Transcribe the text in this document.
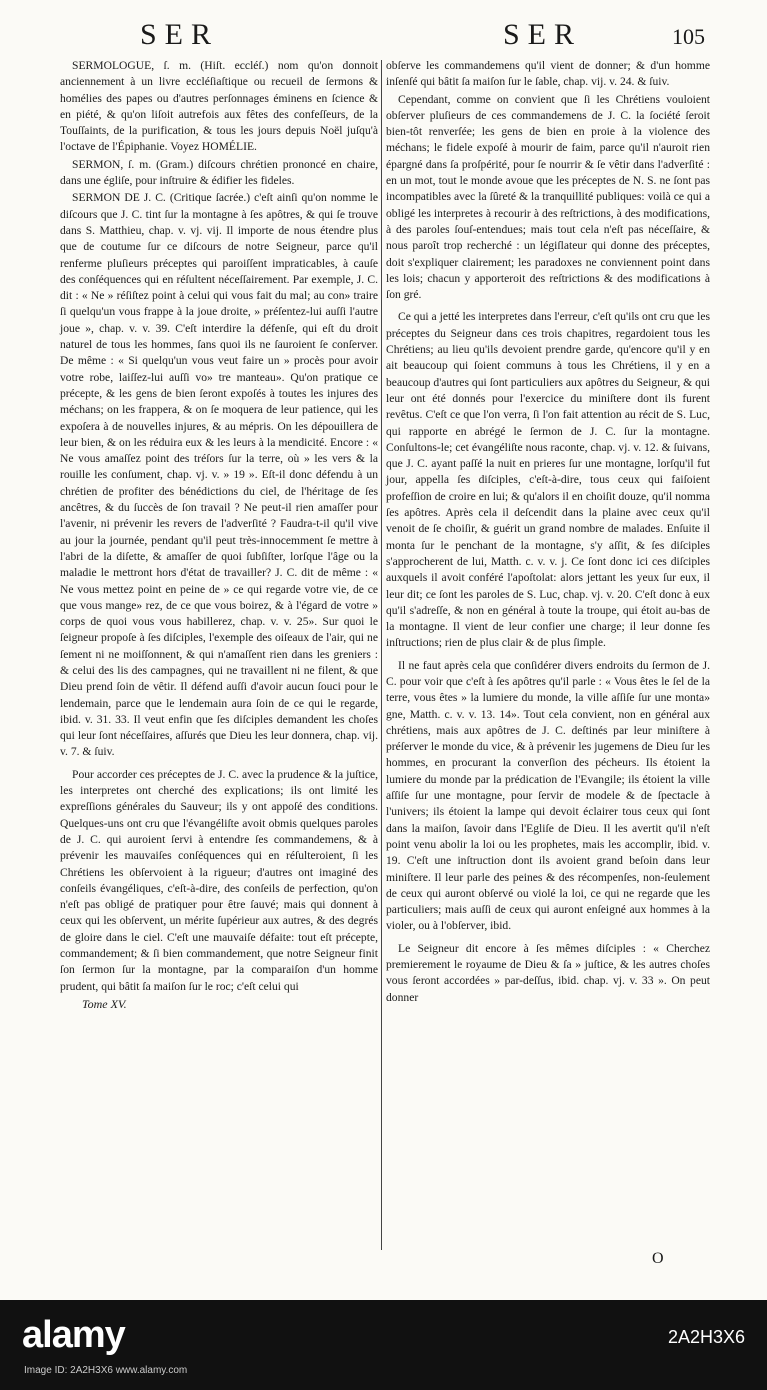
SER	SER	105

SERMOLOGUE, ſ. m. (Hiſt. eccléſ.) nom qu'on donnoit anciennement à un livre eccléſiaſtique ou recueil de ſermons & homélies des papes ou d'autres perſonnages éminens en ſcience & en piété, & qu'on liſoit autrefois aux fêtes des confeſſeurs, de la Touſſaints, de la purification, & tous les jours depuis Noël juſqu'à l'octave de l'Épiphanie. Voyez HOMÉLIE.

SERMON, ſ. m. (Gram.) diſcours chrétien prononcé en chaire, dans une égliſe, pour inſtruire & édifier les fideles.

SERMON DE J. C. (Critique ſacrée.) c'eſt ainſi qu'on nomme le diſcours que J. C. tint ſur la montagne à ſes apôtres, & qui ſe trouve dans S. Matthieu, chap. v. vj. vij. Il importe de nous étendre plus que de coutume ſur ce diſcours de notre Seigneur, parce qu'il renferme pluſieurs préceptes qui paroiſſent impraticables, à cauſe des conſéquences qui en réſultent néceſſairement. Par exemple, J. C. dit : « Ne » réſiſtez point à celui qui vous fait du mal; au con» traire ſi quelqu'un vous frappe à la joue droite, » préſentez-lui auſſi l'autre joue », chap. v. v. 39. C'eſt interdire la défenſe, qui eſt du droit naturel de tous les hommes, ſans quoi ils ne ſauroient ſe conſerver. De même : « Si quelqu'un vous veut faire un » procès pour avoir votre robe, laiſſez-lui auſſi vo» tre manteau». Qu'on pratique ce précepte, & les gens de bien ſeront expoſés à toutes les injures des méchans; on les frappera, & on ſe moquera de leur patience, qui les expoſera à de nouvelles injures, & au mépris. On les dépouillera de leur bien, & on les réduira eux & les leurs à la mendicité. Encore : « Ne vous amaſſez point des tréſors ſur la terre, où » les vers & la rouille les conſument, chap. vj. v. » 19 ». Eſt-il donc défendu à un chrétien de profiter des bénédictions du ciel, de l'héritage de ſes ancêtres, & du ſuccès de ſon travail ? Ne peut-il rien amaſſer pour l'avenir, ni prévenir les revers de l'adverſité ? Faudra-t-il qu'il vive au jour la journée, pendant qu'il peut très-innocemment ſe mettre à l'abri de la diſette, & amaſſer de quoi ſubſiſter, lorſque l'âge ou la maladie le mettront hors d'état de travailler? J. C. dit de même : « Ne vous mettez point en peine de » ce qui regarde votre vie, de ce que vous mange» rez, de ce que vous boirez, & à l'égard de votre » corps de quoi vous vous habillerez, chap. v. v. 25». Sur quoi le ſeigneur propoſe à ſes diſciples, l'exemple des oiſeaux de l'air, qui ne ſement ni ne moiſſonnent, & qui n'amaſſent rien dans les greniers : & celui des lis des campagnes, qui ne travaillent ni ne filent, & que Dieu prend ſoin de vêtir. Il défend auſſi d'avoir aucun ſouci pour le lendemain, parce que le lendemain aura ſoin de ce qui le regarde, ibid. v. 31. 33. Il veut enfin que ſes diſciples demandent les choſes qui leur ſont néceſſaires, aſſurés que Dieu les leur donnera, chap. vij. v. 7. & ſuiv.

Pour accorder ces préceptes de J. C. avec la prudence & la juſtice, les interpretes ont cherché des explications; ils ont limité les expreſſions générales du Sauveur; ils y ont appoſé des conditions. Quelques-uns ont cru que l'évangéliſte avoit obmis quelques paroles de J. C. qui auroient ſervi à entendre ſes commandemens, & à prévenir les mauvaiſes conſéquences qui en réſulteroient, ſi les Chrétiens les obſervoient à la rigueur; d'autres ont imaginé des conſeils évangéliques, c'eſt-à-dire, des conſeils de perfection, qu'on n'eſt pas obligé de pratiquer pour être ſauvé; mais qui donnent à ceux qui les obſervent, un mérite ſupérieur aux autres, & des degrés de gloire dans le ciel. C'eſt une mauvaiſe défaite: tout eſt précepte, commandement; & ſi bien commandement, que notre Seigneur finit ſon ſermon ſur la montagne, par la comparaiſon d'un homme prudent, qui bâtit ſa maiſon ſur le roc; c'eſt celui qui

Tome XV.

obſerve les commandemens qu'il vient de donner; & d'un homme inſenſé qui bâtit ſa maiſon ſur le ſable, chap. vij. v. 24. & ſuiv.

Cependant, comme on convient que ſi les Chrétiens vouloient obſerver pluſieurs de ces commandemens de J. C. la ſociété ſeroit bien-tôt renverſée; les gens de bien en proie à la violence des méchans; le fidele expoſé à mourir de faim, parce qu'il n'auroit rien épargné dans ſa proſpérité, pour ſe nourrir & ſe vêtir dans l'adverſité : en un mot, tout le monde avoue que les préceptes de N. S. ne ſont pas incompatibles avec la ſûreté & la tranquillité publiques: voilà ce qui a obligé les interpretes à recourir à des reſtrictions, à des modifications, à des paroles ſouſ-entendues; mais tout cela n'eſt pas néceſſaire, & nous paroît trop recherché : un légiſlateur qui donne des préceptes, doit s'expliquer clairement; les paradoxes ne conviennent point dans les lois; chacun y apporteroit des reſtrictions & des modifications à ſon gré.

Ce qui a jetté les interpretes dans l'erreur, c'eſt qu'ils ont cru que les préceptes du Seigneur dans ces trois chapitres, regardoient tous les Chrétiens; au lieu qu'ils devoient prendre garde, qu'encore qu'il y en ait beaucoup qui ſoient communs à tous les Chrétiens, il y en a beaucoup d'autres qui ſont particuliers aux apôtres du Seigneur, & qui leur ont été donnés pour l'exercice du miniſtere dont ils furent revêtus. C'eſt ce que l'on verra, ſi l'on fait attention au récit de S. Luc, qui rapporte en abrégé le ſermon de J. C. ſur la montagne. Conſultons-le; cet évangéliſte nous raconte, chap. vj. v. 12. & ſuivans, que J. C. ayant paſſé la nuit en prieres ſur une montagne, lorſqu'il fut jour, appella ſes diſciples, c'eſt-à-dire, tous ceux qui faiſoient profeſſion de croire en lui; & qu'alors il en choiſit douze, qu'il nomma ſes apôtres. Après cela il deſcendit dans la plaine avec ceux qu'il venoit de ſe choiſir, & guérit un grand nombre de malades. Enſuite il monta ſur le penchant de la montagne, s'y aſſit, & ſes diſciples s'approcherent de lui, Matth. c. v. v. j. Ce ſont donc ici ces diſciples auxquels il avoit conféré l'apoſtolat: alors jettant les yeux ſur eux, il leur dit; ce ſont les paroles de S. Luc, chap. vj. v. 20. C'eſt donc à eux qu'il s'adreſſe, & non en général à toute la troupe, qui étoit au-bas de la montagne. Il vient de leur confier une charge; il leur donne ſes inſtructions; rien de plus clair & de plus ſimple.

Il ne faut après cela que conſidérer divers endroits du ſermon de J. C. pour voir que c'eſt à ſes apôtres qu'il parle : « Vous êtes le ſel de la terre, vous êtes » la lumiere du monde, la ville aſſiſe ſur une monta» gne, Matth. c. v. v. 13. 14». Tout cela convient, non en général aux chrétiens, mais aux apôtres de J. C. deſtinés par leur miniſtere à préſerver le monde du vice, & à prévenir les jugemens de Dieu ſur les hommes, en procurant la converſion des pécheurs. Ils étoient la lumiere du monde par la prédication de l'Evangile; ils étoient la ville aſſiſe ſur une montagne, pour ſervir de modele & de ſpectacle à l'univers; ils étoient la lampe qui devoit éclairer tous ceux qui ſont dans la maiſon, ſavoir dans l'Egliſe de Dieu. Il les avertit qu'il n'eſt point venu abolir la loi ou les prophetes, mais les accomplir, ibid. v. 19. C'eſt une inſtruction dont ils avoient grand beſoin dans leur miniſtere. Il leur parle des peines & des récompenſes, non-ſeulement de ceux qui auront obſervé ou violé la loi, ce qui ne regarde que les particuliers; mais auſſi de ceux qui auront enſeigné aux hommes à la violer, ou à l'obſerver, ibid.

Le Seigneur dit encore à ſes mêmes diſciples : « Cherchez premierement le royaume de Dieu & ſa » juſtice, & les autres choſes vous ſeront accordées » par-deſſus, ibid. chap. vj. v. 33 ». On peut donner

O
alamy	2A2H3X6
Image ID: 2A2H3X6 www.alamy.com
